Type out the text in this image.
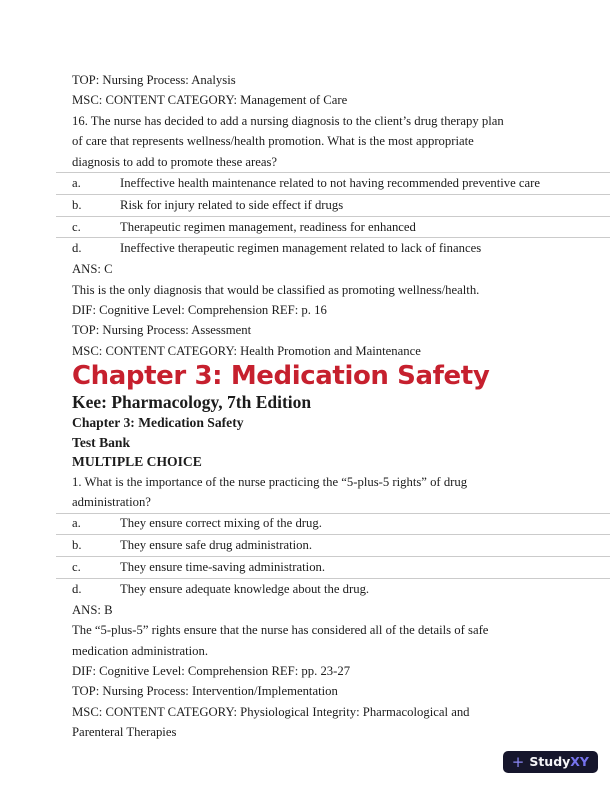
TOP: Nursing Process: Analysis
MSC: CONTENT CATEGORY: Management of Care
16. The nurse has decided to add a nursing diagnosis to the client’s drug therapy plan
of care that represents wellness/health promotion. What is the most appropriate
diagnosis to add to promote these areas?
a.	Ineffective health maintenance related to not having recommended preventive care
b.	Risk for injury related to side effect if drugs
c.	Therapeutic regimen management, readiness for enhanced
d.	Ineffective therapeutic regimen management related to lack of finances
ANS: C
This is the only diagnosis that would be classified as promoting wellness/health.
DIF: Cognitive Level: Comprehension REF: p. 16
TOP: Nursing Process: Assessment
MSC: CONTENT CATEGORY: Health Promotion and Maintenance
Chapter 3: Medication Safety
Kee: Pharmacology, 7th Edition
Chapter 3: Medication Safety
Test Bank
MULTIPLE CHOICE
1. What is the importance of the nurse practicing the “5-plus-5 rights” of drug
administration?
a.	They ensure correct mixing of the drug.
b.	They ensure safe drug administration.
c.	They ensure time-saving administration.
d.	They ensure adequate knowledge about the drug.
ANS: B
The “5-plus-5” rights ensure that the nurse has considered all of the details of safe
medication administration.
DIF: Cognitive Level: Comprehension REF: pp. 23-27
TOP: Nursing Process: Intervention/Implementation
MSC: CONTENT CATEGORY: Physiological Integrity: Pharmacological and
Parenteral Therapies
+ StudyXY
